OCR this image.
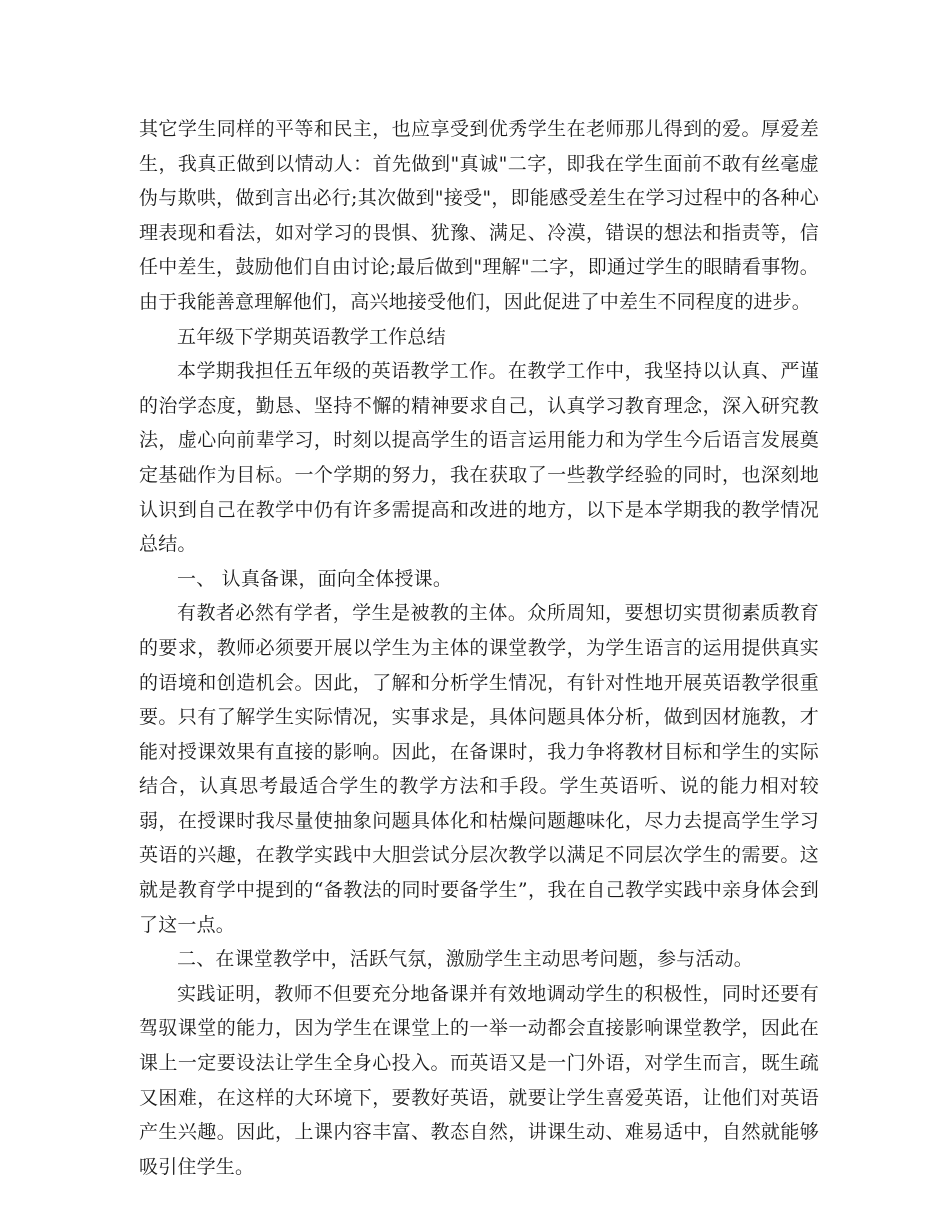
其它学生同样的平等和民主，也应享受到优秀学生在老师那儿得到的爱。厚爱差生，我真正做到以情动人：首先做到"真诚"二字，即我在学生面前不敢有丝毫虚伪与欺哄，做到言出必行;其次做到"接受"，即能感受差生在学习过程中的各种心理表现和看法，如对学习的畏惧、犹豫、满足、冷漠，错误的想法和指责等，信任中差生，鼓励他们自由讨论;最后做到"理解"二字，即通过学生的眼睛看事物。由于我能善意理解他们，高兴地接受他们，因此促进了中差生不同程度的进步。

五年级下学期英语教学工作总结

本学期我担任五年级的英语教学工作。在教学工作中，我坚持以认真、严谨的治学态度，勤恳、坚持不懈的精神要求自己，认真学习教育理念，深入研究教法，虚心向前辈学习，时刻以提高学生的语言运用能力和为学生今后语言发展奠定基础作为目标。一个学期的努力，我在获取了一些教学经验的同时，也深刻地认识到自己在教学中仍有许多需提高和改进的地方，以下是本学期我的教学情况总结。

一、 认真备课，面向全体授课。

有教者必然有学者，学生是被教的主体。众所周知，要想切实贯彻素质教育的要求，教师必须要开展以学生为主体的课堂教学，为学生语言的运用提供真实的语境和创造机会。因此，了解和分析学生情况，有针对性地开展英语教学很重要。只有了解学生实际情况，实事求是，具体问题具体分析，做到因材施教，才能对授课效果有直接的影响。因此，在备课时，我力争将教材目标和学生的实际结合，认真思考最适合学生的教学方法和手段。学生英语听、说的能力相对较弱，在授课时我尽量使抽象问题具体化和枯燥问题趣味化，尽力去提高学生学习英语的兴趣，在教学实践中大胆尝试分层次教学以满足不同层次学生的需要。这就是教育学中提到的“备教法的同时要备学生”，我在自己教学实践中亲身体会到了这一点。

二、在课堂教学中，活跃气氛，激励学生主动思考问题，参与活动。

实践证明，教师不但要充分地备课并有效地调动学生的积极性，同时还要有驾驭课堂的能力，因为学生在课堂上的一举一动都会直接影响课堂教学，因此在课上一定要设法让学生全身心投入。而英语又是一门外语，对学生而言，既生疏又困难，在这样的大环境下，要教好英语，就要让学生喜爱英语，让他们对英语产生兴趣。因此，上课内容丰富、教态自然，讲课生动、难易适中，自然就能够吸引住学生。
